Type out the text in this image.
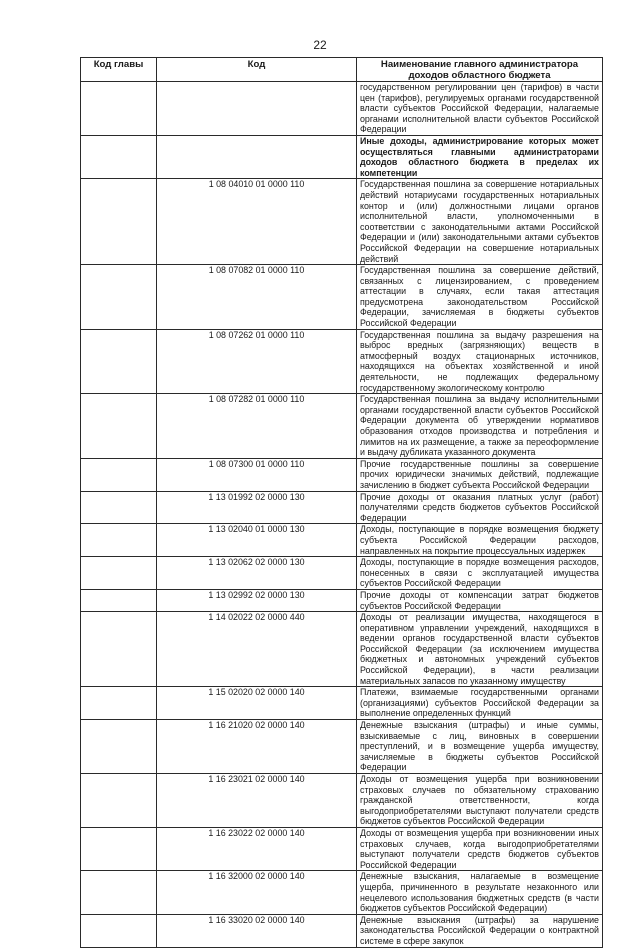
22
Код главы	Код	Наименование главного администратора доходов областного бюджета
		государственном регулировании цен (тарифов) в части цен (тарифов), регулируемых органами государственной власти субъектов Российской Федерации, налагаемые органами исполнительной власти субъектов Российской Федерации
		Иные доходы, администрирование которых может осуществляться главными администраторами доходов областного бюджета в пределах их компетенции
	1 08 04010 01 0000 110	Государственная пошлина за совершение нотариальных действий нотариусами государственных нотариальных контор и (или) должностными лицами органов исполнительной власти, уполномоченными в соответствии с законодательными актами Российской Федерации и (или) законодательными актами субъектов Российской Федерации на совершение нотариальных действий
	1 08 07082 01 0000 110	Государственная пошлина за совершение действий, связанных с лицензированием, с проведением аттестации в случаях, если такая аттестация предусмотрена законодательством Российской Федерации, зачисляемая в бюджеты субъектов Российской Федерации
	1 08 07262 01 0000 110	Государственная пошлина за выдачу разрешения на выброс вредных (загрязняющих) веществ в атмосферный воздух стационарных источников, находящихся на объектах хозяйственной и иной деятельности, не подлежащих федеральному государственному экологическому контролю
	1 08 07282 01 0000 110	Государственная пошлина за выдачу исполнительными органами государственной власти субъектов Российской Федерации документа об утверждении нормативов образования отходов производства и потребления и лимитов на их размещение, а также за переоформление и выдачу дубликата указанного документа
	1 08 07300 01 0000 110	Прочие государственные пошлины за совершение прочих юридически значимых действий, подлежащие зачислению в бюджет субъекта Российской Федерации
	1 13 01992 02 0000 130	Прочие доходы от оказания платных услуг (работ) получателями средств бюджетов субъектов Российской Федерации
	1 13 02040 01 0000 130	Доходы, поступающие в порядке возмещения бюджету субъекта Российской Федерации расходов, направленных на покрытие процессуальных издержек
	1 13 02062 02 0000 130	Доходы, поступающие в порядке возмещения расходов, понесенных в связи с эксплуатацией имущества субъектов Российской Федерации
	1 13 02992 02 0000 130	Прочие доходы от компенсации затрат бюджетов субъектов Российской Федерации
	1 14 02022 02 0000 440	Доходы от реализации имущества, находящегося в оперативном управлении учреждений, находящихся в ведении органов государственной власти субъектов Российской Федерации (за исключением имущества бюджетных и автономных учреждений субъектов Российской Федерации), в части реализации материальных запасов по указанному имуществу
	1 15 02020 02 0000 140	Платежи, взимаемые государственными органами (организациями) субъектов Российской Федерации за выполнение определенных функций
	1 16 21020 02 0000 140	Денежные взыскания (штрафы) и иные суммы, взыскиваемые с лиц, виновных в совершении преступлений, и в возмещение ущерба имуществу, зачисляемые в бюджеты субъектов Российской Федерации
	1 16 23021 02 0000 140	Доходы от возмещения ущерба при возникновении страховых случаев по обязательному страхованию гражданской ответственности, когда выгодоприобретателями выступают получатели средств бюджетов субъектов Российской Федерации
	1 16 23022 02 0000 140	Доходы от возмещения ущерба при возникновении иных страховых случаев, когда выгодоприобретателями выступают получатели средств бюджетов субъектов Российской Федерации
	1 16 32000 02 0000 140	Денежные взыскания, налагаемые в возмещение ущерба, причиненного в результате незаконного или нецелевого использования бюджетных средств (в части бюджетов субъектов Российской Федерации)
	1 16 33020 02 0000 140	Денежные взыскания (штрафы) за нарушение законодательства Российской Федерации о контрактной системе в сфере закупок
